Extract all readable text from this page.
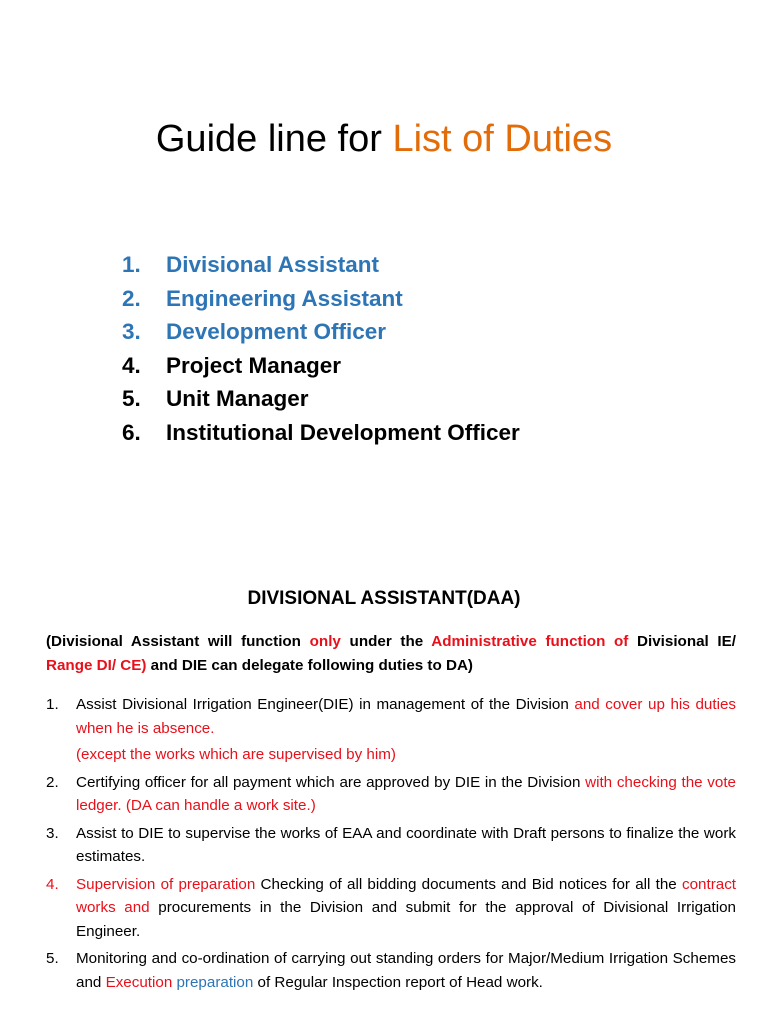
Guide line for List of Duties
1.	Divisional Assistant
2.	Engineering Assistant
3.	Development Officer
4.	Project Manager
5.	Unit Manager
6.	Institutional Development Officer
DIVISIONAL ASSISTANT(DAA)

(Divisional Assistant will function only under the Administrative function of Divisional IE/ Range DI/ CE) and DIE can delegate following duties to DA)

1.	Assist Divisional Irrigation Engineer(DIE) in management of the Division and cover up his duties when he is absence.
(except the works which are supervised by him)
2.	Certifying officer for all payment which are approved by DIE in the Division with checking the vote ledger. (DA can handle a work site.)
3.	Assist to DIE to supervise the works of EAA and coordinate with Draft persons to finalize the work estimates.
4.	Supervision of preparation Checking of all bidding documents and Bid notices for all the contract works and procurements in the Division and submit for the approval of Divisional Irrigation Engineer.
5.	Monitoring and co-ordination of carrying out standing orders for Major/Medium Irrigation Schemes and Execution preparation of Regular Inspection report of Head work.
